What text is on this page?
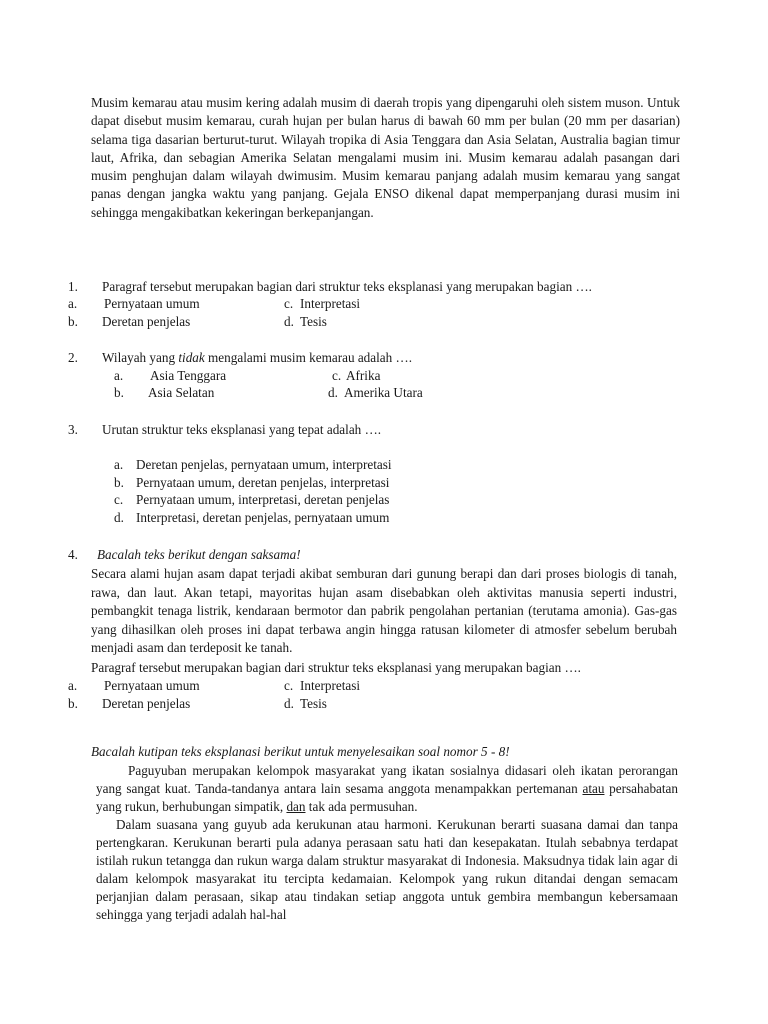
Musim kemarau atau musim kering adalah musim di daerah tropis yang dipengaruhi oleh sistem muson. Untuk dapat disebut musim kemarau, curah hujan per bulan harus di bawah 60 mm per bulan (20 mm per dasarian) selama tiga dasarian berturut-turut. Wilayah tropika di Asia Tenggara dan Asia Selatan, Australia bagian timur laut, Afrika, dan sebagian Amerika Selatan mengalami musim ini. Musim kemarau adalah pasangan dari musim penghujan dalam wilayah dwimusim. Musim kemarau panjang adalah musim kemarau yang sangat panas dengan jangka waktu yang panjang. Gejala ENSO dikenal dapat memperpanjang durasi musim ini sehingga mengakibatkan kekeringan berkepanjangan.
1. Paragraf tersebut merupakan bagian dari struktur teks eksplanasi yang merupakan bagian ….
a. Pernyataan umum	c. Interpretasi
b. Deretan penjelas	d. Tesis
2. Wilayah yang tidak mengalami musim kemarau adalah ….
a. Asia Tenggara	c. Afrika
b. Asia Selatan	d. Amerika Utara
3. Urutan struktur teks eksplanasi yang tepat adalah ….
a. Deretan penjelas, pernyataan umum, interpretasi
b. Pernyataan umum, deretan penjelas, interpretasi
c. Pernyataan umum, interpretasi, deretan penjelas
d. Interpretasi, deretan penjelas, pernyataan umum
4. Bacalah teks berikut dengan saksama!
Secara alami hujan asam dapat terjadi akibat semburan dari gunung berapi dan dari proses biologis di tanah, rawa, dan laut. Akan tetapi, mayoritas hujan asam disebabkan oleh aktivitas manusia seperti industri, pembangkit tenaga listrik, kendaraan bermotor dan pabrik pengolahan pertanian (terutama amonia). Gas-gas yang dihasilkan oleh proses ini dapat terbawa angin hingga ratusan kilometer di atmosfer sebelum berubah menjadi asam dan terdeposit ke tanah.
Paragraf tersebut merupakan bagian dari struktur teks eksplanasi yang merupakan bagian ….
a. Pernyataan umum	c. Interpretasi
b. Deretan penjelas	d. Tesis
Bacalah kutipan teks eksplanasi berikut untuk menyelesaikan soal nomor 5 - 8!
Paguyuban merupakan kelompok masyarakat yang ikatan sosialnya didasari oleh ikatan perorangan yang sangat kuat. Tanda-tandanya antara lain sesama anggota menampakkan pertemanan atau persahabatan yang rukun, berhubungan simpatik, dan tak ada permusuhan.
Dalam suasana yang guyub ada kerukunan atau harmoni. Kerukunan berarti suasana damai dan tanpa pertengkaran. Kerukunan berarti pula adanya perasaan satu hati dan kesepakatan. Itulah sebabnya terdapat istilah rukun tetangga dan rukun warga dalam struktur masyarakat di Indonesia. Maksudnya tidak lain agar di dalam kelompok masyarakat itu tercipta kedamaian. Kelompok yang rukun ditandai dengan semacam perjanjian dalam perasaan, sikap atau tindakan setiap anggota untuk gembira membangun kebersamaan sehingga yang terjadi adalah hal-hal
